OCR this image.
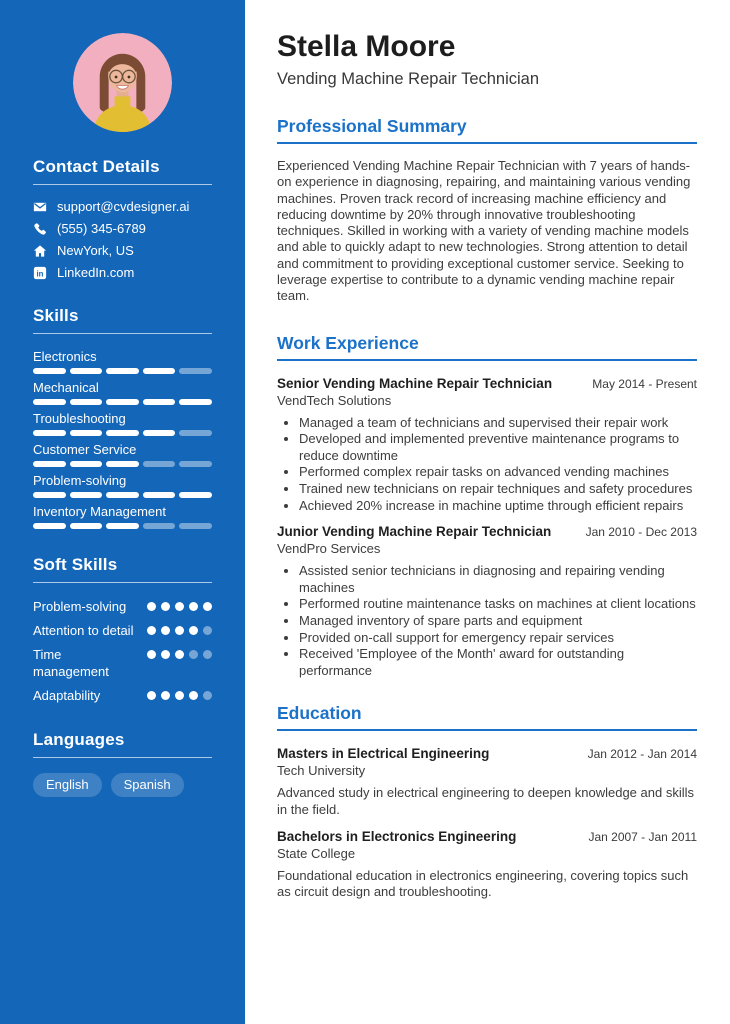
Contact Details
support@cvdesigner.ai
(555) 345-6789
NewYork, US
in LinkedIn.com
Skills
Electronics
Mechanical
Troubleshooting
Customer Service
Problem-solving
Inventory Management
Soft Skills
Problem-solving
Attention to detail
Time management
Adaptability
Languages
English	Spanish
Stella Moore
Vending Machine Repair Technician
Professional Summary

Experienced Vending Machine Repair Technician with 7 years of hands-on experience in diagnosing, repairing, and maintaining various vending machines. Proven track record of increasing machine efficiency and reducing downtime by 20% through innovative troubleshooting techniques. Skilled in working with a variety of vending machine models and able to quickly adapt to new technologies. Strong attention to detail and commitment to providing exceptional customer service. Seeking to leverage expertise to contribute to a dynamic vending machine repair team.

Work Experience
Senior Vending Machine Repair Technician	May 2014 - Present
VendTech Solutions
• Managed a team of technicians and supervised their repair work
• Developed and implemented preventive maintenance programs to reduce downtime
• Performed complex repair tasks on advanced vending machines
• Trained new technicians on repair techniques and safety procedures
• Achieved 20% increase in machine uptime through efficient repairs
Junior Vending Machine Repair Technician	Jan 2010 - Dec 2013
VendPro Services
• Assisted senior technicians in diagnosing and repairing vending machines
• Performed routine maintenance tasks on machines at client locations
• Managed inventory of spare parts and equipment
• Provided on-call support for emergency repair services
• Received 'Employee of the Month' award for outstanding performance
Education
Masters in Electrical Engineering	Jan 2012 - Jan 2014
Tech University

Advanced study in electrical engineering to deepen knowledge and skills in the field.

Bachelors in Electronics Engineering	Jan 2007 - Jan 2011
State College

Foundational education in electronics engineering, covering topics such as circuit design and troubleshooting.
